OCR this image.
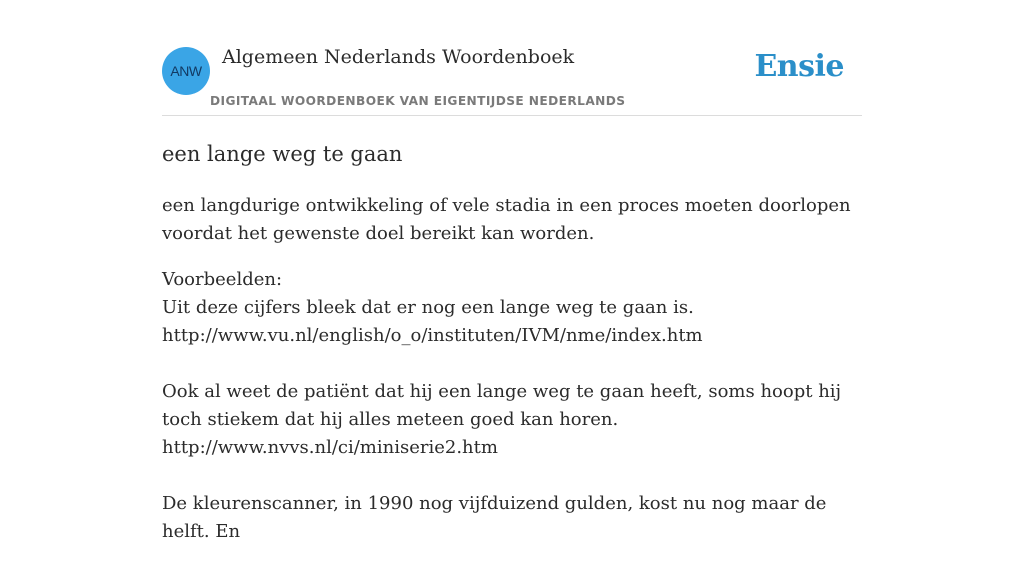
ANW
Algemeen Nederlands Woordenboek
DIGITAAL WOORDENBOEK VAN EIGENTIJDSE NEDERLANDS
Ensie
een lange weg te gaan

een langdurige ontwikkeling of vele stadia in een proces moeten doorlopen voordat het gewenste doel bereikt kan worden.

Voorbeelden:
Uit deze cijfers bleek dat er nog een lange weg te gaan is.
http://www.vu.nl/english/o_o/instituten/IVM/nme/index.htm
Ook al weet de patiënt dat hij een lange weg te gaan heeft, soms hoopt hij toch stiekem dat hij alles meteen goed kan horen.
http://www.nvvs.nl/ci/miniserie2.htm
De kleurenscanner, in 1990 nog vijfduizend gulden, kost nu nog maar de helft. En
